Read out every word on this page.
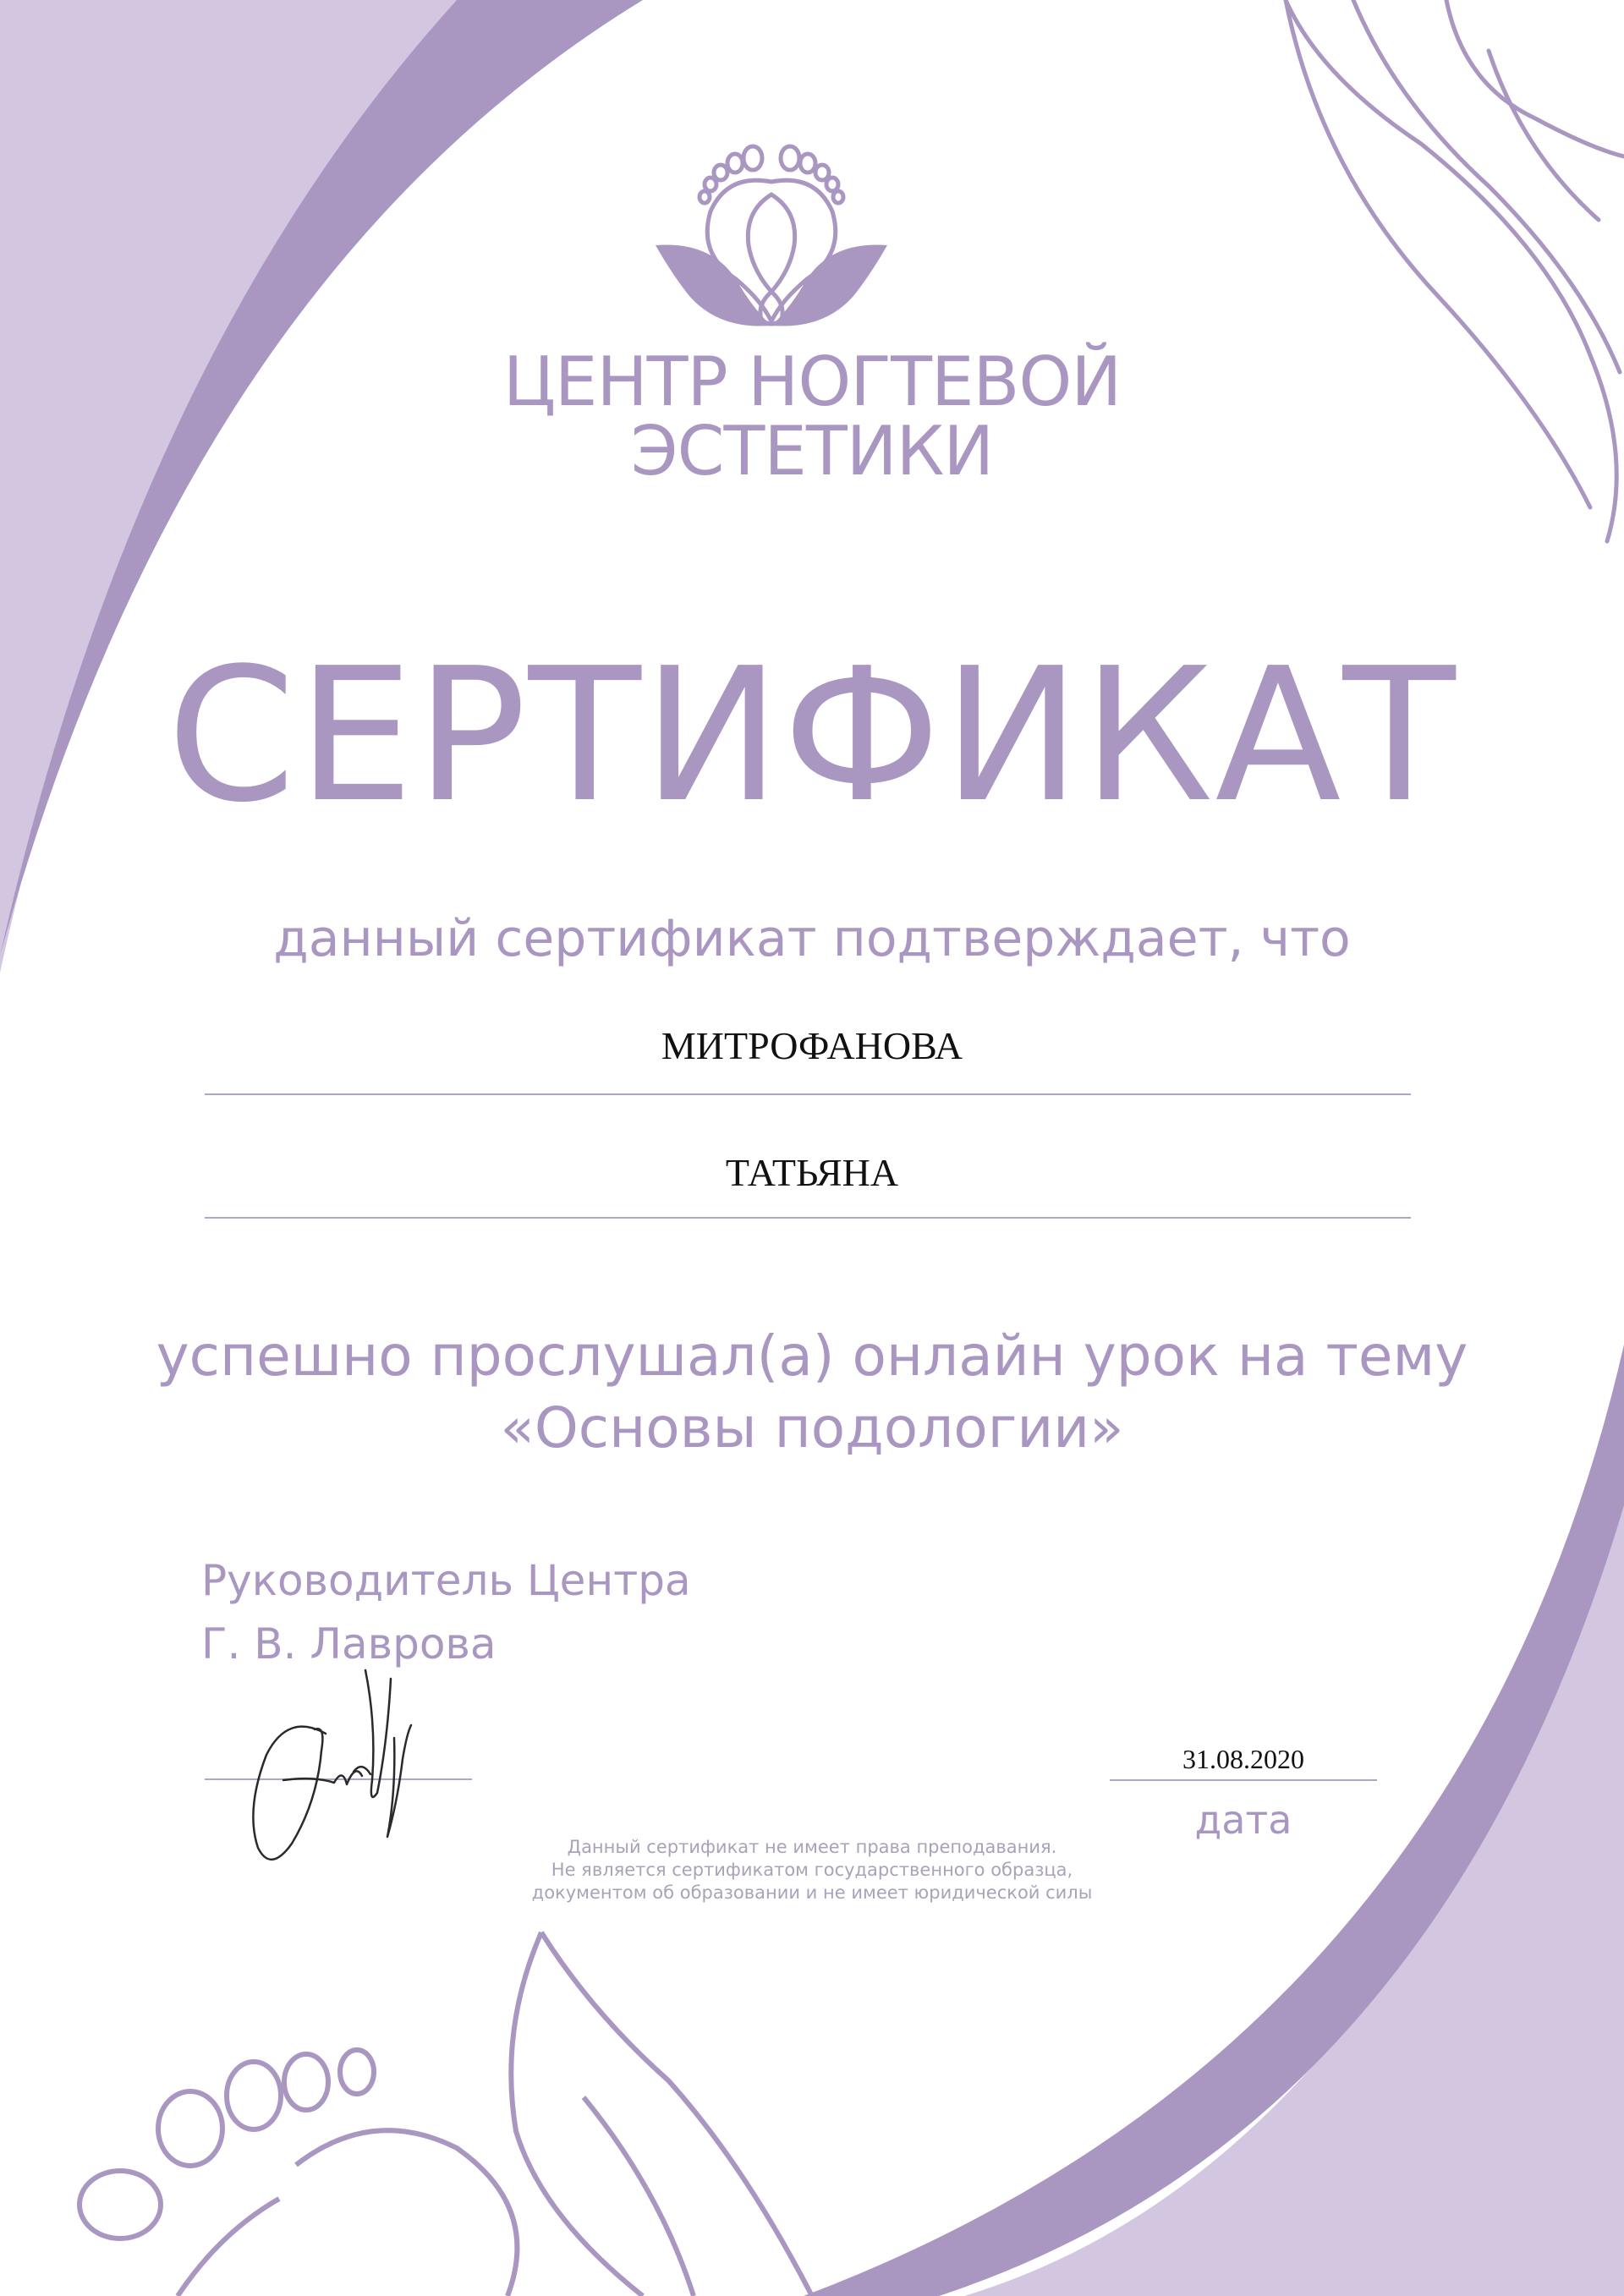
ЦЕНТР НОГТЕВОЙ
ЭСТЕТИКИ
СЕРТИФИКАТ
данный сертификат подтверждает, что
МИТРОФАНОВА
ТАТЬЯНА
успешно прослушал(а) онлайн урок на тему
«Основы подологии»
Руководитель Центра
Г. В. Лаврова
31.08.2020
дата
Данный сертификат не имеет права преподавания.
Не является сертификатом государственного образца,
документом об образовании и не имеет юридической силы
